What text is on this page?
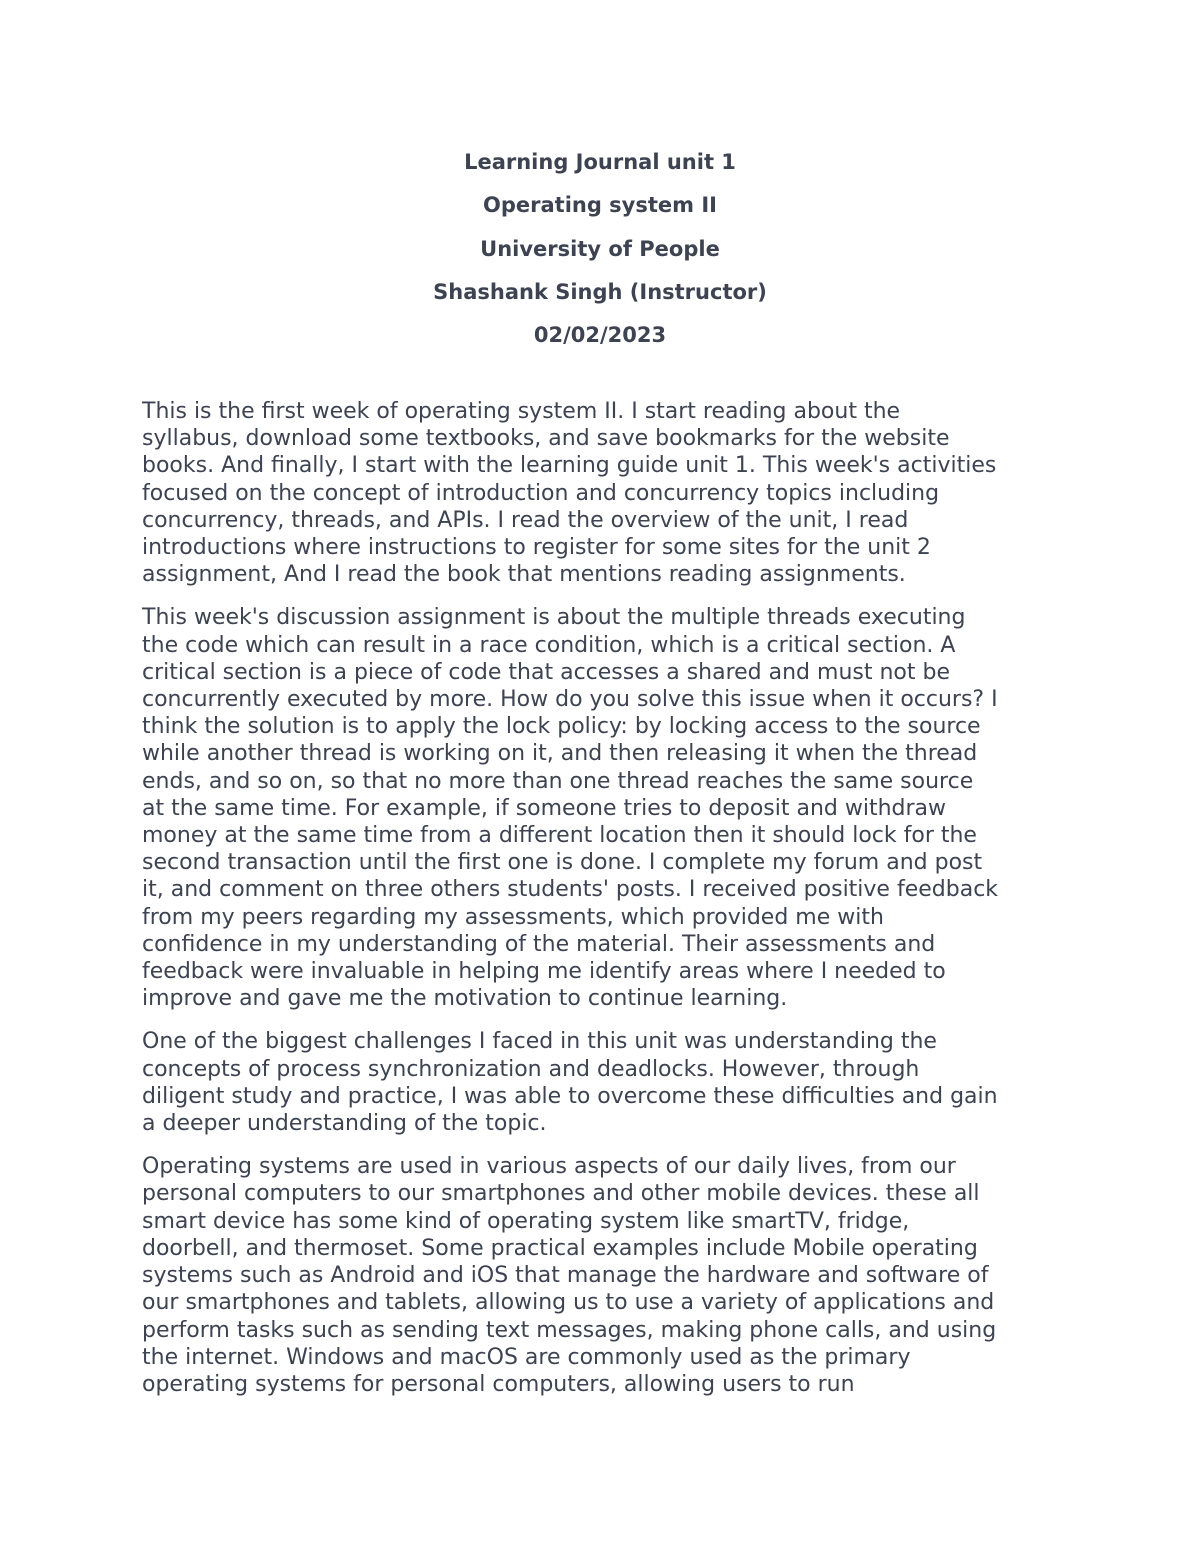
Learning Journal unit 1

Operating system II

University of People

Shashank Singh (Instructor)

02/02/2023

This is the first week of operating system II. I start reading about the
syllabus, download some textbooks, and save bookmarks for the website
books. And finally, I start with the learning guide unit 1. This week's activities
focused on the concept of introduction and concurrency topics including
concurrency, threads, and APIs. I read the overview of the unit, I read
introductions where instructions to register for some sites for the unit 2
assignment, And I read the book that mentions reading assignments.

This week's discussion assignment is about the multiple threads executing
the code which can result in a race condition, which is a critical section. A
critical section is a piece of code that accesses a shared and must not be
concurrently executed by more. How do you solve this issue when it occurs? I
think the solution is to apply the lock policy: by locking access to the source
while another thread is working on it, and then releasing it when the thread
ends, and so on, so that no more than one thread reaches the same source
at the same time. For example, if someone tries to deposit and withdraw
money at the same time from a different location then it should lock for the
second transaction until the first one is done. I complete my forum and post
it, and comment on three others students' posts. I received positive feedback
from my peers regarding my assessments, which provided me with
confidence in my understanding of the material. Their assessments and
feedback were invaluable in helping me identify areas where I needed to
improve and gave me the motivation to continue learning.

One of the biggest challenges I faced in this unit was understanding the
concepts of process synchronization and deadlocks. However, through
diligent study and practice, I was able to overcome these difficulties and gain
a deeper understanding of the topic.

Operating systems are used in various aspects of our daily lives, from our
personal computers to our smartphones and other mobile devices. these all
smart device has some kind of operating system like smartTV, fridge,
doorbell, and thermoset. Some practical examples include Mobile operating
systems such as Android and iOS that manage the hardware and software of
our smartphones and tablets, allowing us to use a variety of applications and
perform tasks such as sending text messages, making phone calls, and using
the internet. Windows and macOS are commonly used as the primary
operating systems for personal computers, allowing users to run
